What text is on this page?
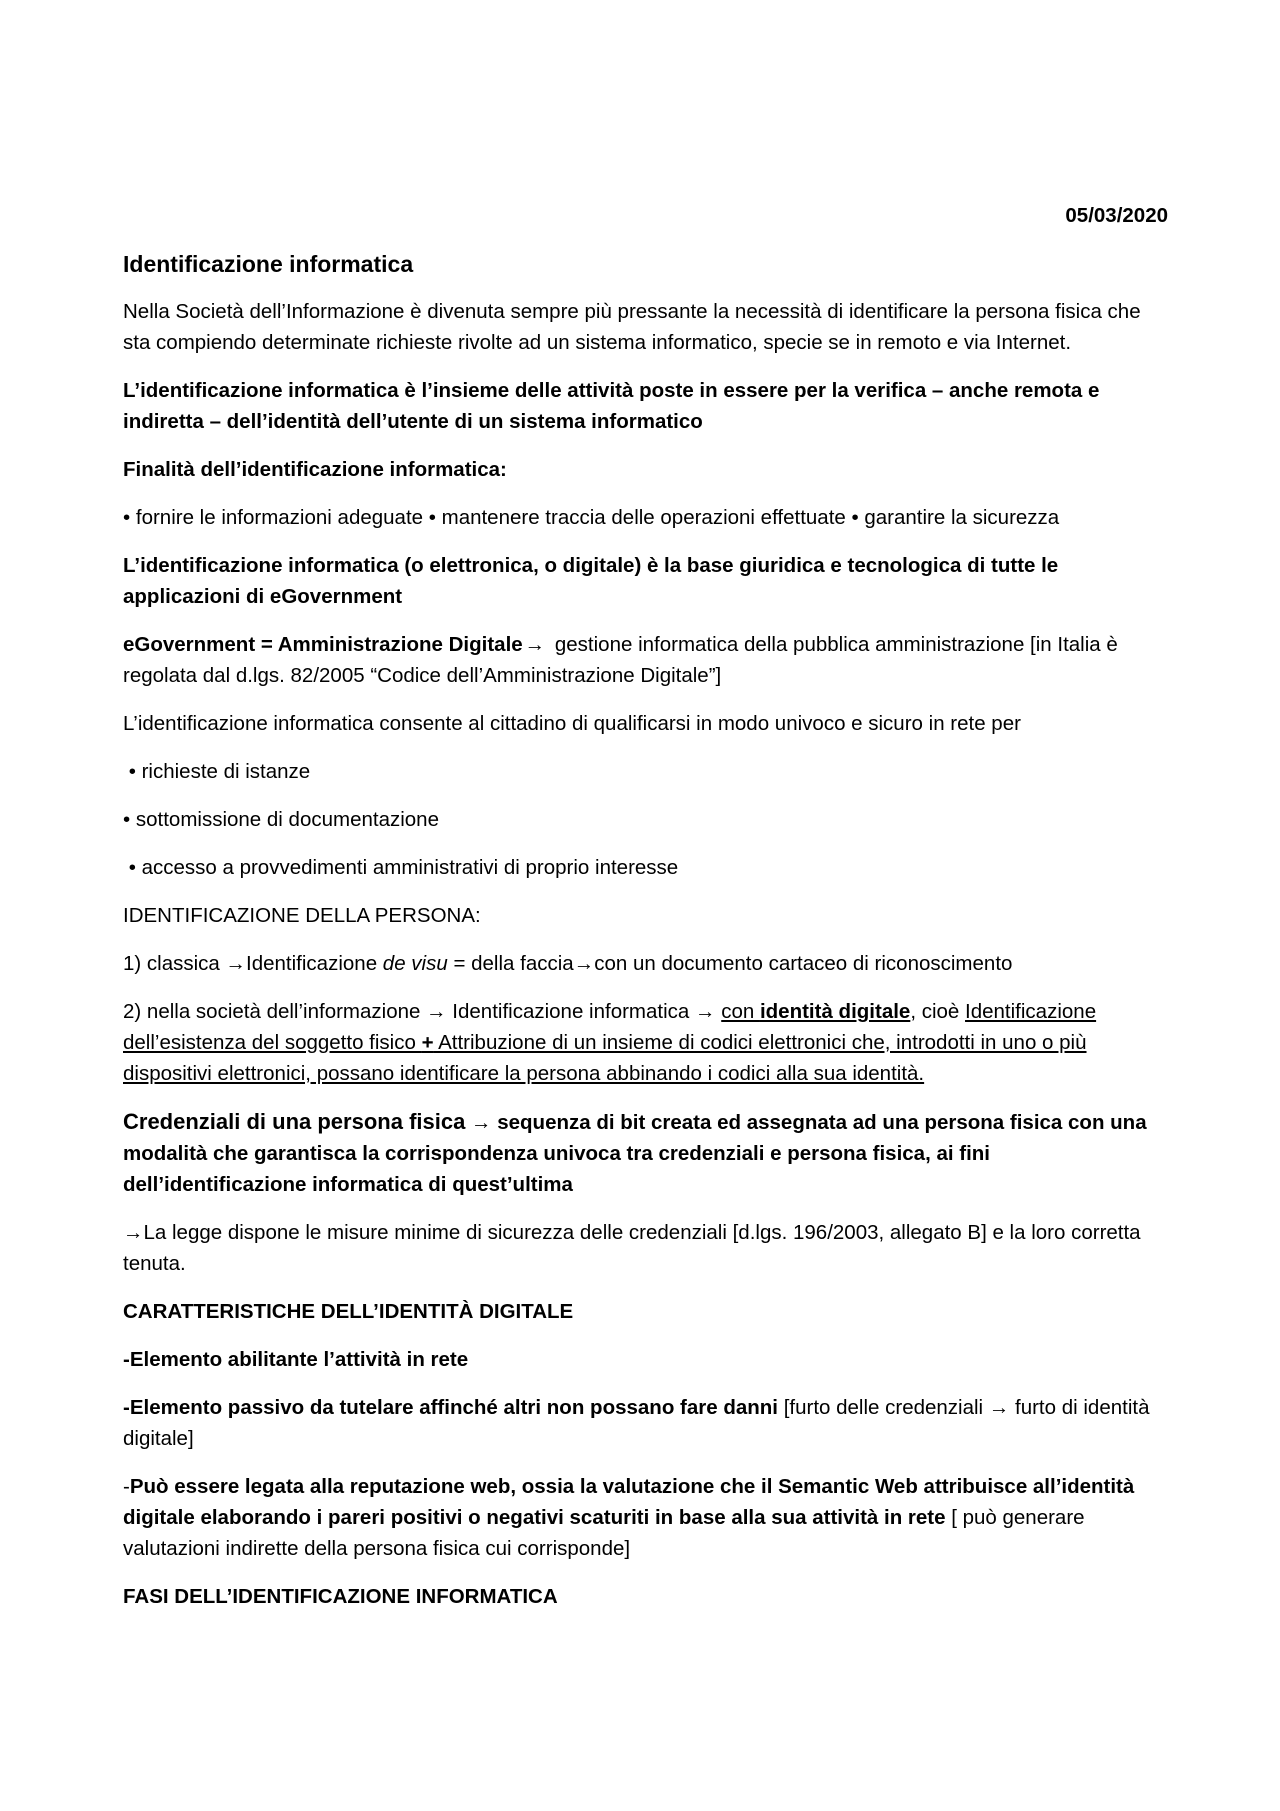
05/03/2020

Identificazione informatica

Nella Società dell’Informazione è divenuta sempre più pressante la necessità di identificare la persona fisica che sta compiendo determinate richieste rivolte ad un sistema informatico, specie se in remoto e via Internet.

L’identificazione informatica è l’insieme delle attività poste in essere per la verifica – anche remota e indiretta – dell’identità dell’utente di un sistema informatico

Finalità dell’identificazione informatica:

• fornire le informazioni adeguate • mantenere traccia delle operazioni effettuate • garantire la sicurezza

L’identificazione informatica (o elettronica, o digitale) è la base giuridica e tecnologica di tutte le applicazioni di eGovernment

eGovernment = Amministrazione Digitale→ gestione informatica della pubblica amministrazione [in Italia è regolata dal d.lgs. 82/2005 “Codice dell’Amministrazione Digitale”]

L’identificazione informatica consente al cittadino di qualificarsi in modo univoco e sicuro in rete per

• richieste di istanze

• sottomissione di documentazione

• accesso a provvedimenti amministrativi di proprio interesse

IDENTIFICAZIONE DELLA PERSONA:

1) classica →Identificazione de visu = della faccia→con un documento cartaceo di riconoscimento

2) nella società dell’informazione → Identificazione informatica → con identità digitale, cioè Identificazione dell’esistenza del soggetto fisico + Attribuzione di un insieme di codici elettronici che, introdotti in uno o più dispositivi elettronici, possano identificare la persona abbinando i codici alla sua identità.

Credenziali di una persona fisica → sequenza di bit creata ed assegnata ad una persona fisica con una modalità che garantisca la corrispondenza univoca tra credenziali e persona fisica, ai fini dell’identificazione informatica di quest’ultima

→La legge dispone le misure minime di sicurezza delle credenziali [d.lgs. 196/2003, allegato B] e la loro corretta tenuta.

CARATTERISTICHE DELL’IDENTITÀ DIGITALE

-Elemento abilitante l’attività in rete

-Elemento passivo da tutelare affinché altri non possano fare danni [furto delle credenziali → furto di identità digitale]

-Può essere legata alla reputazione web, ossia la valutazione che il Semantic Web attribuisce all’identità digitale elaborando i pareri positivi o negativi scaturiti in base alla sua attività in rete [ può generare valutazioni indirette della persona fisica cui corrisponde]

FASI DELL’IDENTIFICAZIONE INFORMATICA
